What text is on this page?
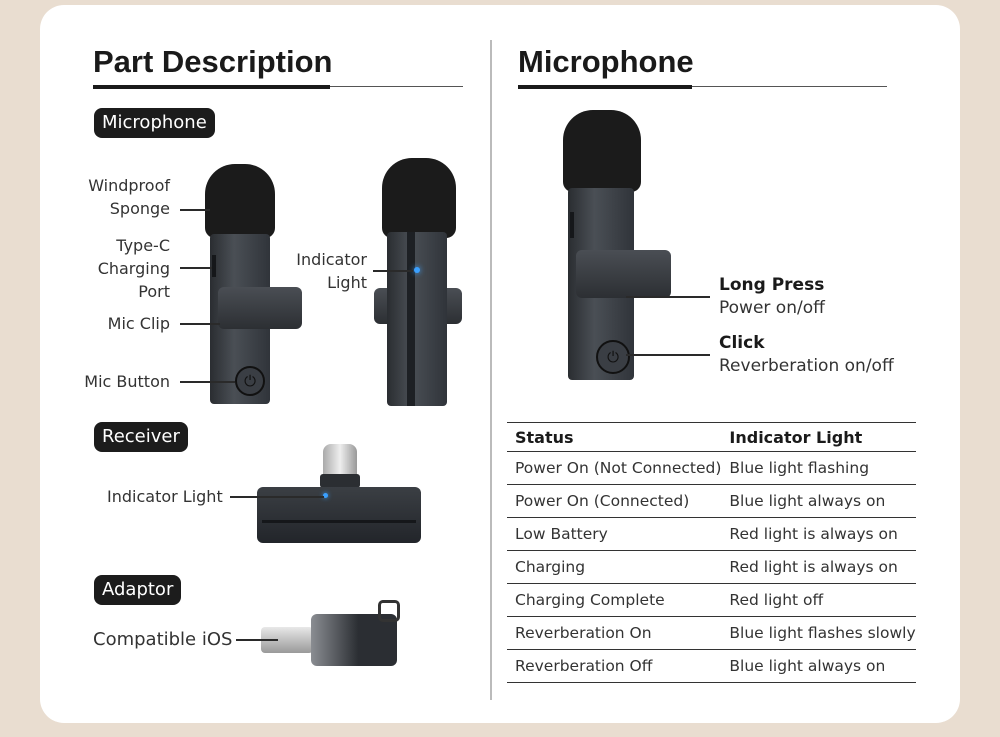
Part Description
Microphone
⏻
Windproof
Sponge
Type-C
Charging
Port
Mic Clip
Mic Button
Indicator
Light
Receiver
Indicator Light
Adaptor
Compatible iOS
Microphone
⏻
Long Press
Power on/off
Click
Reverberation on/off
Status	Indicator Light
Power On (Not Connected)	Blue light flashing
Power On (Connected)	Blue light always on
Low Battery	Red light is always on
Charging	Red light is always on
Charging Complete	Red light off
Reverberation On	Blue light flashes slowly
Reverberation Off	Blue light always on
